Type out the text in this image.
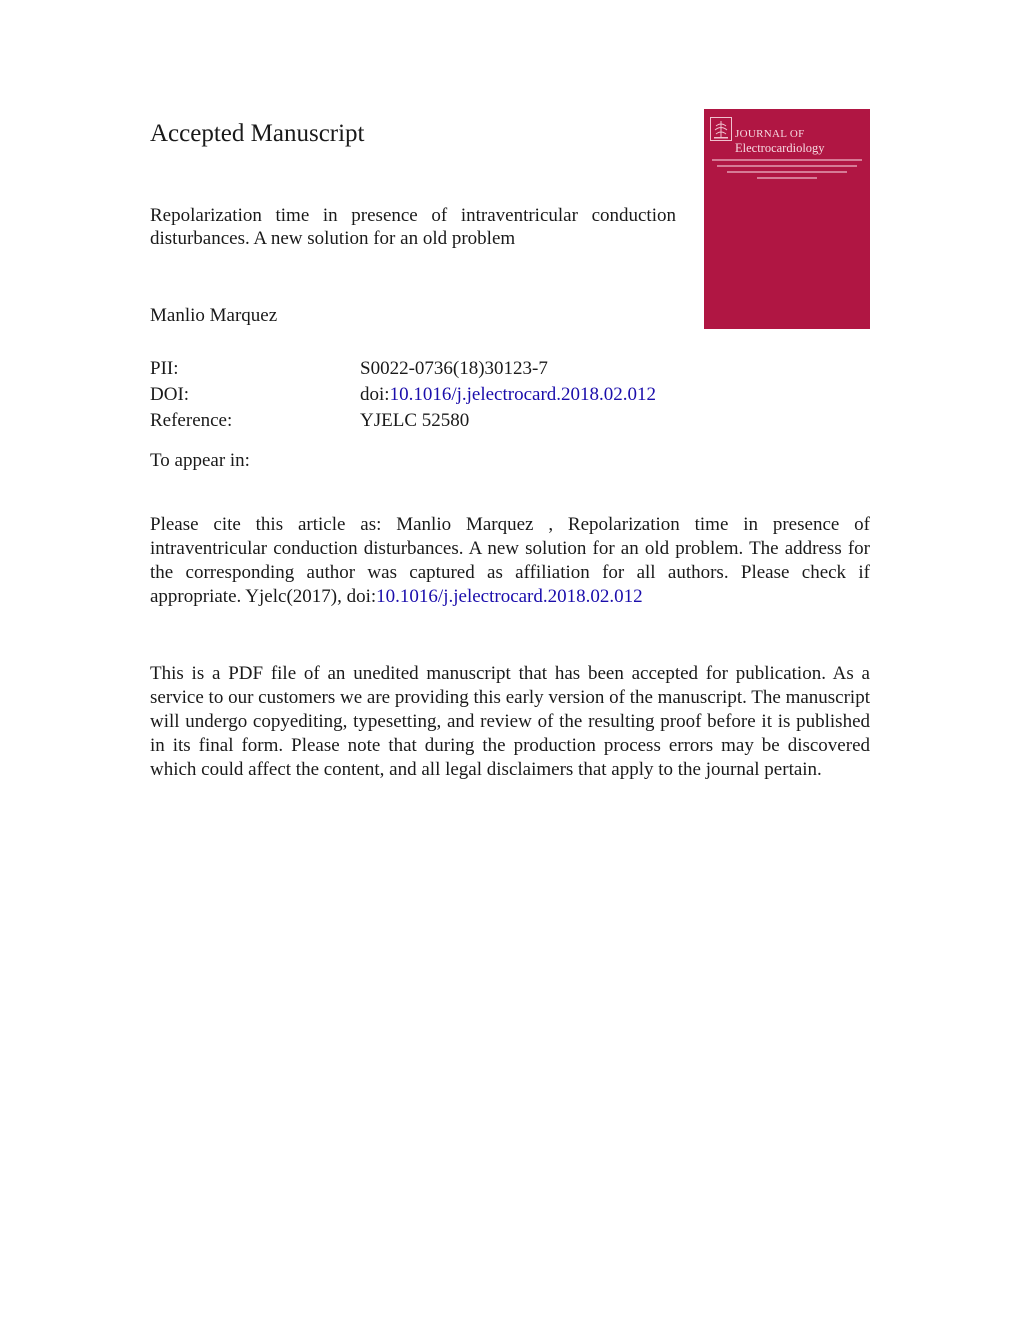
Accepted Manuscript	JOURNAL OF
Electrocardiology

Repolarization time in presence of intraventricular conduction disturbances. A new solution for an old problem

Manlio Marquez
PII:	S0022-0736(18)30123-7
DOI:	doi:10.1016/j.jelectrocard.2018.02.012
Reference:	YJELC 52580
To appear in:

Please cite this article as: Manlio Marquez , Repolarization time in presence of intraventricular conduction disturbances. A new solution for an old problem. The address for the corresponding author was captured as affiliation for all authors. Please check if appropriate. Yjelc(2017), doi:10.1016/j.jelectrocard.2018.02.012

This is a PDF file of an unedited manuscript that has been accepted for publication. As a service to our customers we are providing this early version of the manuscript. The manuscript will undergo copyediting, typesetting, and review of the resulting proof before it is published in its final form. Please note that during the production process errors may be discovered which could affect the content, and all legal disclaimers that apply to the journal pertain.
